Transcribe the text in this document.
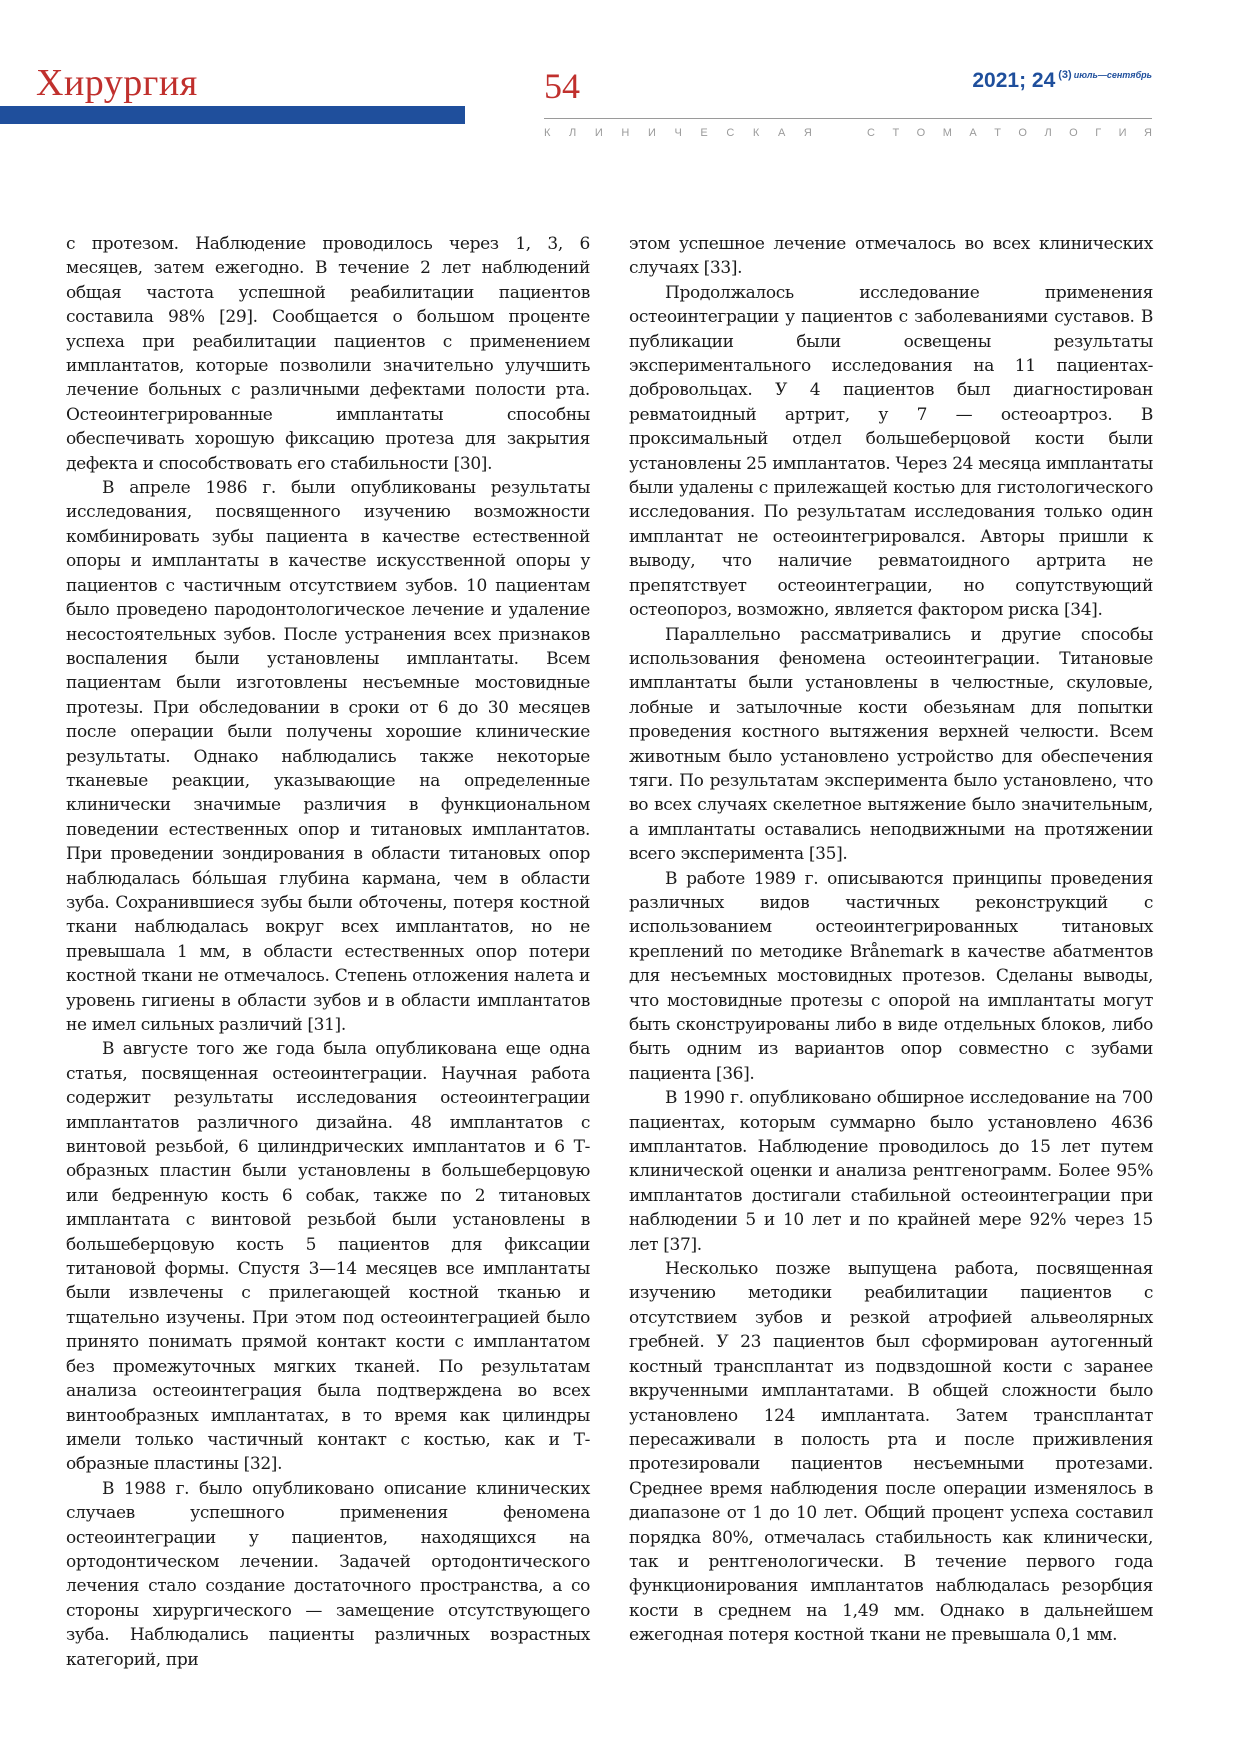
Хирургия	54	2021; 24 $^{(3)}$ $^{июль—сентябрь}$
К Л И Н И Ч Е С К А Я	С Т О М А Т О Л О Г И Я

с протезом. Наблюдение проводилось через 1, 3, 6 месяцев, затем ежегодно. В течение 2 лет наблюдений общая частота успешной реабилитации пациентов составила 98% [29]. Сообщается о большом проценте успеха при реабилитации пациентов с применением имплантатов, которые позволили значительно улучшить лечение больных с различными дефектами полости рта. Остеоинтегрированные имплантаты способны обеспечивать хорошую фиксацию протеза для закрытия дефекта и способствовать его стабильности [30].

В апреле 1986 г. были опубликованы результаты исследования, посвященного изучению возможности комбинировать зубы пациента в качестве естественной опоры и имплантаты в качестве искусственной опоры у пациентов с частичным отсутствием зубов. 10 пациентам было проведено пародонтологическое лечение и удаление несостоятельных зубов. После устранения всех признаков воспаления были установлены имплантаты. Всем пациентам были изготовлены несъемные мостовидные протезы. При обследовании в сроки от 6 до 30 месяцев после операции были получены хорошие клинические результаты. Однако наблюдались также некоторые тканевые реакции, указывающие на определенные клинически значимые различия в функциональном поведении естественных опор и титановых имплантатов. При проведении зондирования в области титановых опор наблюдалась бóльшая глубина кармана, чем в области зуба. Сохранившиеся зубы были обточены, потеря костной ткани наблюдалась вокруг всех имплантатов, но не превышала 1 мм, в области естественных опор потери костной ткани не отмечалось. Степень отложения налета и уровень гигиены в области зубов и в области имплантатов не имел сильных различий [31].

В августе того же года была опубликована еще одна статья, посвященная остеоинтеграции. Научная работа содержит результаты исследования остеоинтеграции имплантатов различного дизайна. 48 имплантатов с винтовой резьбой, 6 цилиндрических имплантатов и 6 Т-образных пластин были установлены в большеберцовую или бедренную кость 6 собак, также по 2 титановых имплантата с винтовой резьбой были установлены в большеберцовую кость 5 пациентов для фиксации титановой формы. Спустя 3—14 месяцев все имплантаты были извлечены с прилегающей костной тканью и тщательно изучены. При этом под остеоинтеграцией было принято понимать прямой контакт кости с имплантатом без промежуточных мягких тканей. По результатам анализа остеоинтеграция была подтверждена во всех винтообразных имплантатах, в то время как цилиндры имели только частичный контакт с костью, как и Т-образные пластины [32].

В 1988 г. было опубликовано описание клинических случаев успешного применения феномена остеоинтеграции у пациентов, находящихся на ортодонтическом лечении. Задачей ортодонтического лечения стало создание достаточного пространства, а со стороны хирургического — замещение отсутствующего зуба. Наблюдались пациенты различных возрастных категорий, при

этом успешное лечение отмечалось во всех клинических случаях [33].

Продолжалось исследование применения остеоинтеграции у пациентов с заболеваниями суставов. В публикации были освещены результаты экспериментального исследования на 11 пациентах-добровольцах. У 4 пациентов был диагностирован ревматоидный артрит, у 7 — остеоартроз. В проксимальный отдел большеберцовой кости были установлены 25 имплантатов. Через 24 месяца имплантаты были удалены с прилежащей костью для гистологического исследования. По результатам исследования только один имплантат не остеоинтегрировался. Авторы пришли к выводу, что наличие ревматоидного артрита не препятствует остеоинтеграции, но сопутствующий остеопороз, возможно, является фактором риска [34].

Параллельно рассматривались и другие способы использования феномена остеоинтеграции. Титановые имплантаты были установлены в челюстные, скуловые, лобные и затылочные кости обезьянам для попытки проведения костного вытяжения верхней челюсти. Всем животным было установлено устройство для обеспечения тяги. По результатам эксперимента было установлено, что во всех случаях скелетное вытяжение было значительным, а имплантаты оставались неподвижными на протяжении всего эксперимента [35].

В работе 1989 г. описываются принципы проведения различных видов частичных реконструкций с использованием остеоинтегрированных титановых креплений по методике Brånemark в качестве абатментов для несъемных мостовидных протезов. Сделаны выводы, что мостовидные протезы с опорой на имплантаты могут быть сконструированы либо в виде отдельных блоков, либо быть одним из вариантов опор совместно с зубами пациента [36].

В 1990 г. опубликовано обширное исследование на 700 пациентах, которым суммарно было установлено 4636 имплантатов. Наблюдение проводилось до 15 лет путем клинической оценки и анализа рентгенограмм. Более 95% имплантатов достигали стабильной остеоинтеграции при наблюдении 5 и 10 лет и по крайней мере 92% через 15 лет [37].

Несколько позже выпущена работа, посвященная изучению методики реабилитации пациентов с отсутствием зубов и резкой атрофией альвеолярных гребней. У 23 пациентов был сформирован аутогенный костный трансплантат из подвздошной кости с заранее вкрученными имплантатами. В общей сложности было установлено 124 имплантата. Затем трансплантат пересаживали в полость рта и после приживления протезировали пациентов несъемными протезами. Среднее время наблюдения после операции изменялось в диапазоне от 1 до 10 лет. Общий процент успеха составил порядка 80%, отмечалась стабильность как клинически, так и рентгенологически. В течение первого года функционирования имплантатов наблюдалась резорбция кости в среднем на 1,49 мм. Однако в дальнейшем ежегодная потеря костной ткани не превышала 0,1 мм.
